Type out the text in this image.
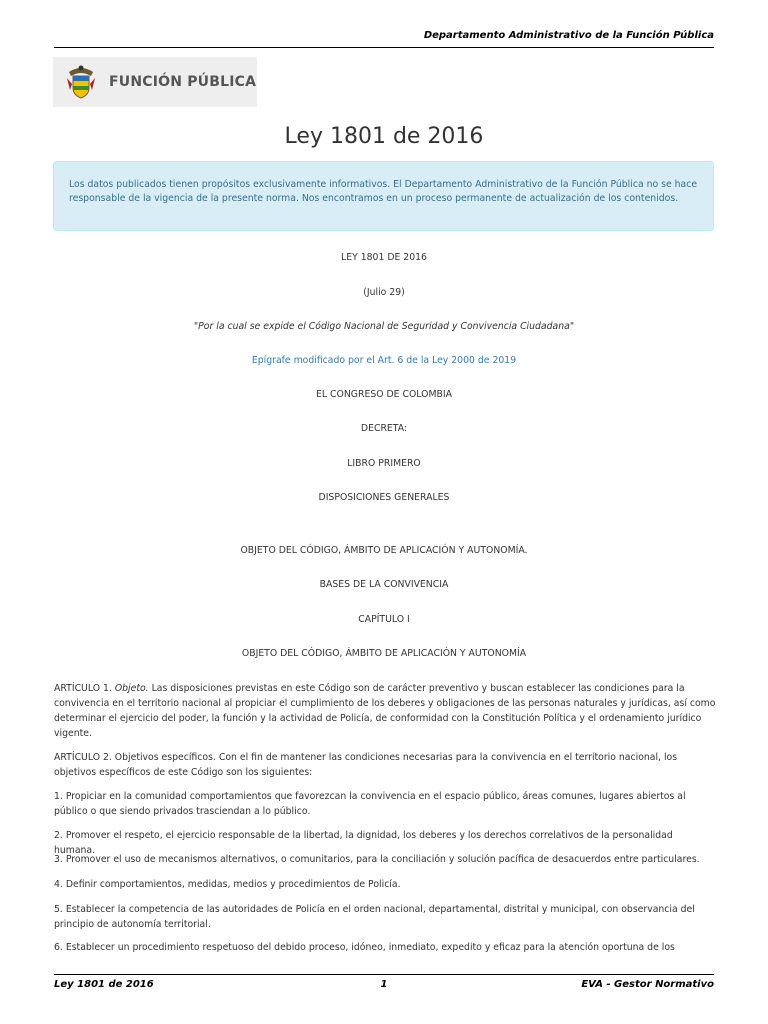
Departamento Administrativo de la Función Pública
FUNCIÓN PÚBLICA
Ley 1801 de 2016
Los datos publicados tienen propósitos exclusivamente informativos. El Departamento Administrativo de la Función Pública no se hace responsable de la vigencia de la presente norma. Nos encontramos en un proceso permanente de actualización de los contenidos.
LEY 1801 DE 2016
(Julio 29)
"Por la cual se expide el Código Nacional de Seguridad y Convivencia Ciudadana"
Epígrafe modificado por el Art. 6 de la Ley 2000 de 2019
EL CONGRESO DE COLOMBIA
DECRETA:
LIBRO PRIMERO
DISPOSICIONES GENERALES
OBJETO DEL CÓDIGO, ÁMBITO DE APLICACIÓN Y AUTONOMÍA.
BASES DE LA CONVIVENCIA
CAPÍTULO I
OBJETO DEL CÓDIGO, ÁMBITO DE APLICACIÓN Y AUTONOMÍA
ARTÍCULO 1. Objeto. Las disposiciones previstas en este Código son de carácter preventivo y buscan establecer las condiciones para la convivencia en el territorio nacional al propiciar el cumplimiento de los deberes y obligaciones de las personas naturales y jurídicas, así como determinar el ejercicio del poder, la función y la actividad de Policía, de conformidad con la Constitución Política y el ordenamiento jurídico vigente.
ARTÍCULO 2. Objetivos específicos. Con el fin de mantener las condiciones necesarias para la convivencia en el territorio nacional, los objetivos específicos de este Código son los siguientes:
1. Propiciar en la comunidad comportamientos que favorezcan la convivencia en el espacio público, áreas comunes, lugares abiertos al público o que siendo privados trasciendan a lo público.
2. Promover el respeto, el ejercicio responsable de la libertad, la dignidad, los deberes y los derechos correlativos de la personalidad humana.
3. Promover el uso de mecanismos alternativos, o comunitarios, para la conciliación y solución pacífica de desacuerdos entre particulares.
4. Definir comportamientos, medidas, medios y procedimientos de Policía.
5. Establecer la competencia de las autoridades de Policía en el orden nacional, departamental, distrital y municipal, con observancia del principio de autonomía territorial.
6. Establecer un procedimiento respetuoso del debido proceso, idóneo, inmediato, expedito y eficaz para la atención oportuna de los
Ley 1801 de 2016	1	EVA - Gestor Normativo
